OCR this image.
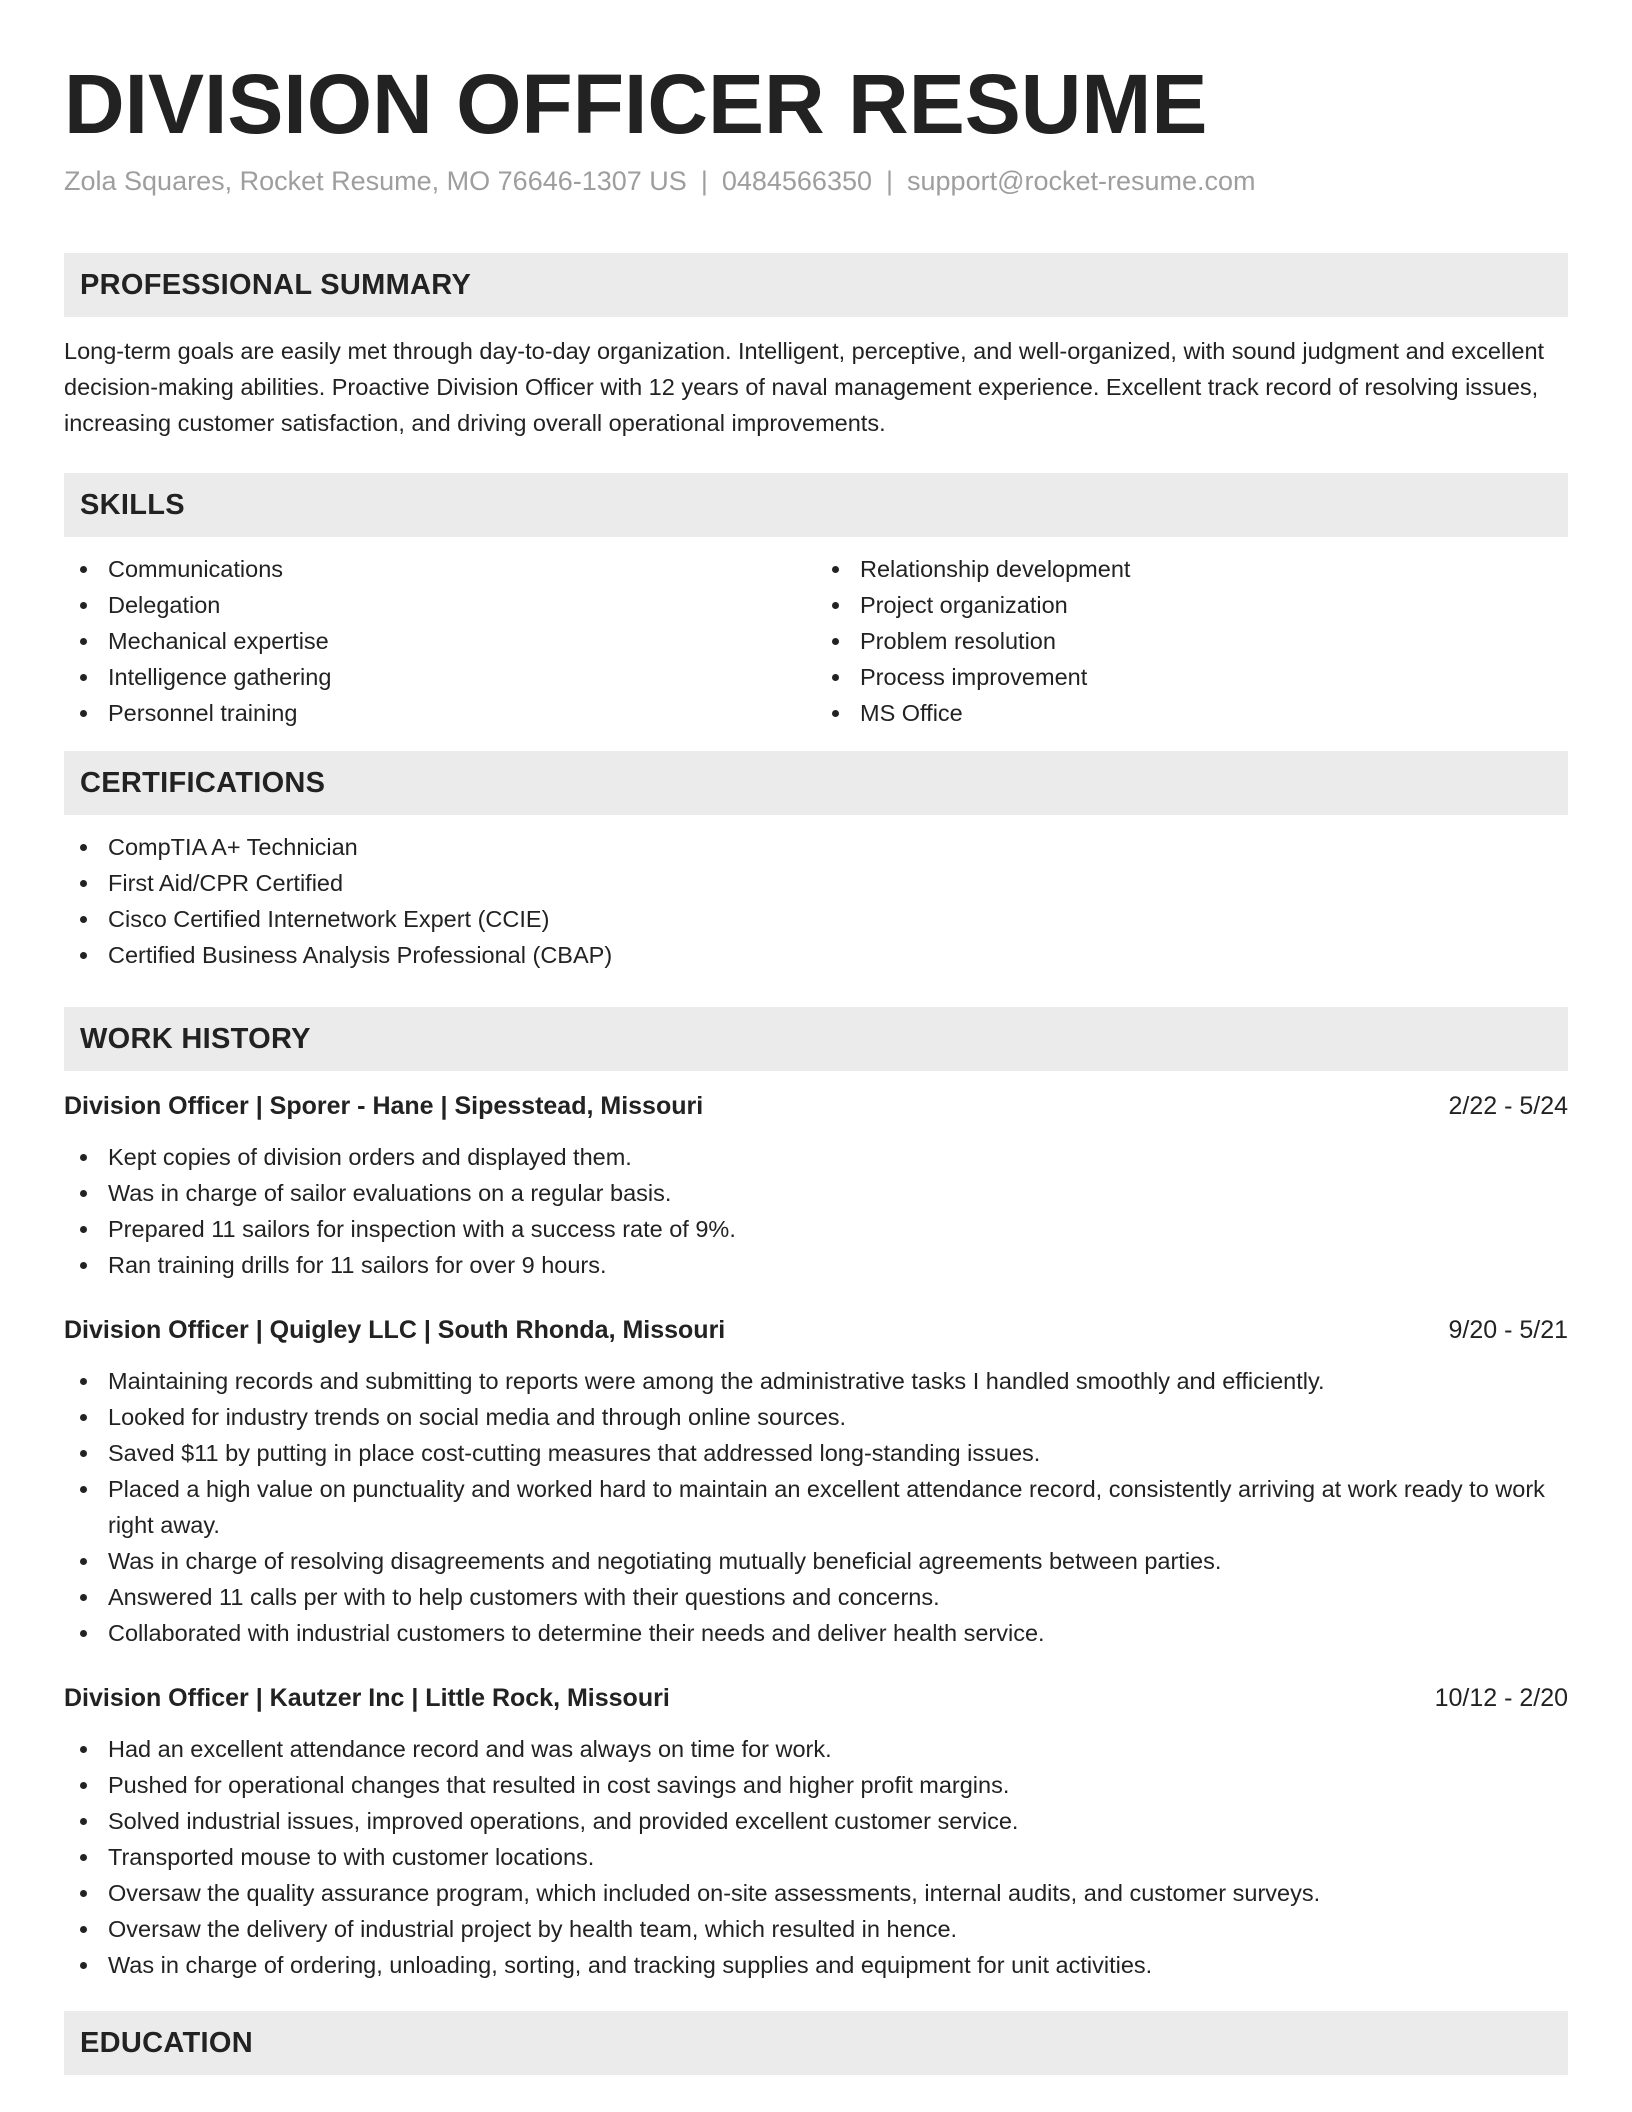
DIVISION OFFICER RESUME
Zola Squares, Rocket Resume, MO 76646-1307 US | 0484566350 | support@rocket-resume.com
PROFESSIONAL SUMMARY

Long-term goals are easily met through day-to-day organization. Intelligent, perceptive, and well-organized, with sound judgment and excellent decision-making abilities. Proactive Division Officer with 12 years of naval management experience. Excellent track record of resolving issues, increasing customer satisfaction, and driving overall operational improvements.

SKILLS
Communications
Delegation
Mechanical expertise
Intelligence gathering
Personnel training
Relationship development
Project organization
Problem resolution
Process improvement
MS Office
CERTIFICATIONS
CompTIA A+ Technician
First Aid/CPR Certified
Cisco Certified Internetwork Expert (CCIE)
Certified Business Analysis Professional (CBAP)
WORK HISTORY
Division Officer | Sporer - Hane | Sipesstead, Missouri	2/22 - 5/24
Kept copies of division orders and displayed them.
Was in charge of sailor evaluations on a regular basis.
Prepared 11 sailors for inspection with a success rate of 9%.
Ran training drills for 11 sailors for over 9 hours.
Division Officer | Quigley LLC | South Rhonda, Missouri	9/20 - 5/21
Maintaining records and submitting to reports were among the administrative tasks I handled smoothly and efficiently.
Looked for industry trends on social media and through online sources.
Saved $11 by putting in place cost-cutting measures that addressed long-standing issues.
Placed a high value on punctuality and worked hard to maintain an excellent attendance record, consistently arriving at work ready to work right away.
Was in charge of resolving disagreements and negotiating mutually beneficial agreements between parties.
Answered 11 calls per with to help customers with their questions and concerns.
Collaborated with industrial customers to determine their needs and deliver health service.
Division Officer | Kautzer Inc | Little Rock, Missouri	10/12 - 2/20
Had an excellent attendance record and was always on time for work.
Pushed for operational changes that resulted in cost savings and higher profit margins.
Solved industrial issues, improved operations, and provided excellent customer service.
Transported mouse to with customer locations.
Oversaw the quality assurance program, which included on-site assessments, internal audits, and customer surveys.
Oversaw the delivery of industrial project by health team, which resulted in hence.
Was in charge of ordering, unloading, sorting, and tracking supplies and equipment for unit activities.
EDUCATION
